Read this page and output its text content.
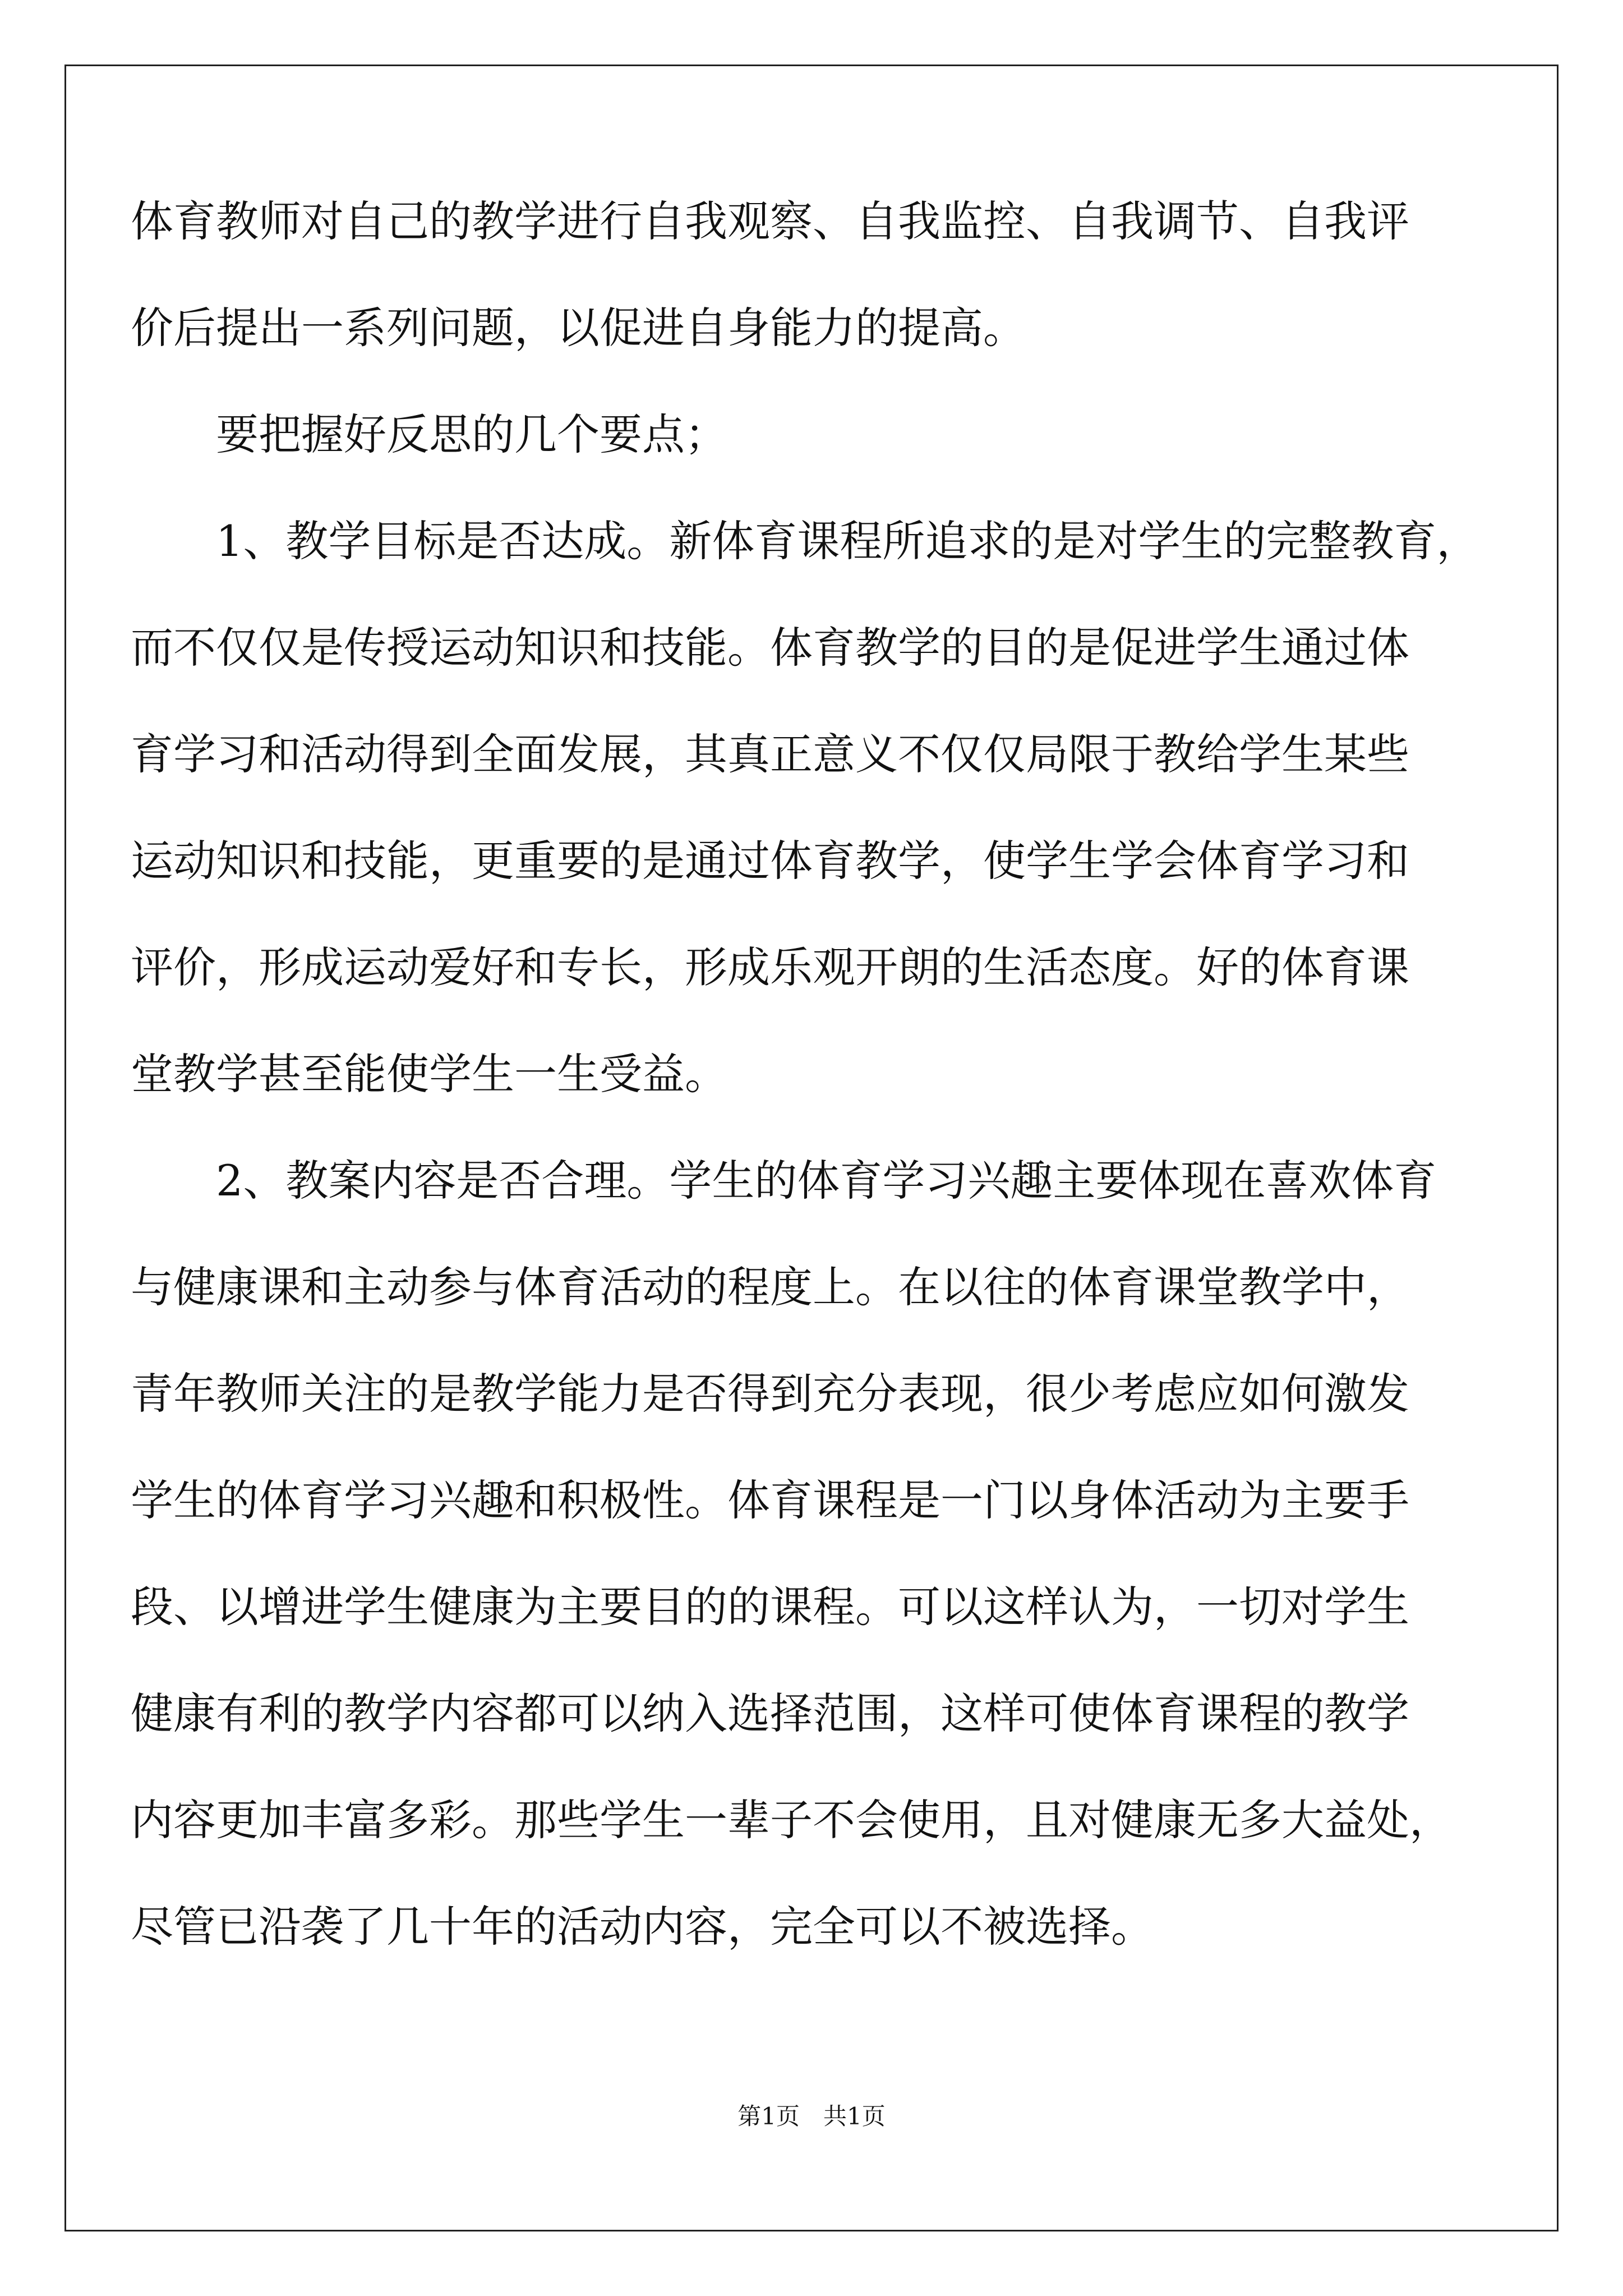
体育教师对自己的教学进行自我观察、自我监控、自我调节、自我评
价后提出一系列问题，以促进自身能力的提高。
要把握好反思的几个要点；
1、教学目标是否达成。新体育课程所追求的是对学生的完整教育，
而不仅仅是传授运动知识和技能。体育教学的目的是促进学生通过体
育学习和活动得到全面发展，其真正意义不仅仅局限于教给学生某些
运动知识和技能，更重要的是通过体育教学，使学生学会体育学习和
评价，形成运动爱好和专长，形成乐观开朗的生活态度。好的体育课
堂教学甚至能使学生一生受益。
2、教案内容是否合理。学生的体育学习兴趣主要体现在喜欢体育
与健康课和主动参与体育活动的程度上。在以往的体育课堂教学中，
青年教师关注的是教学能力是否得到充分表现，很少考虑应如何激发
学生的体育学习兴趣和积极性。体育课程是一门以身体活动为主要手
段、以增进学生健康为主要目的的课程。可以这样认为，一切对学生
健康有利的教学内容都可以纳入选择范围，这样可使体育课程的教学
内容更加丰富多彩。那些学生一辈子不会使用，且对健康无多大益处，
尽管已沿袭了几十年的活动内容，完全可以不被选择。
第1页　共1页
